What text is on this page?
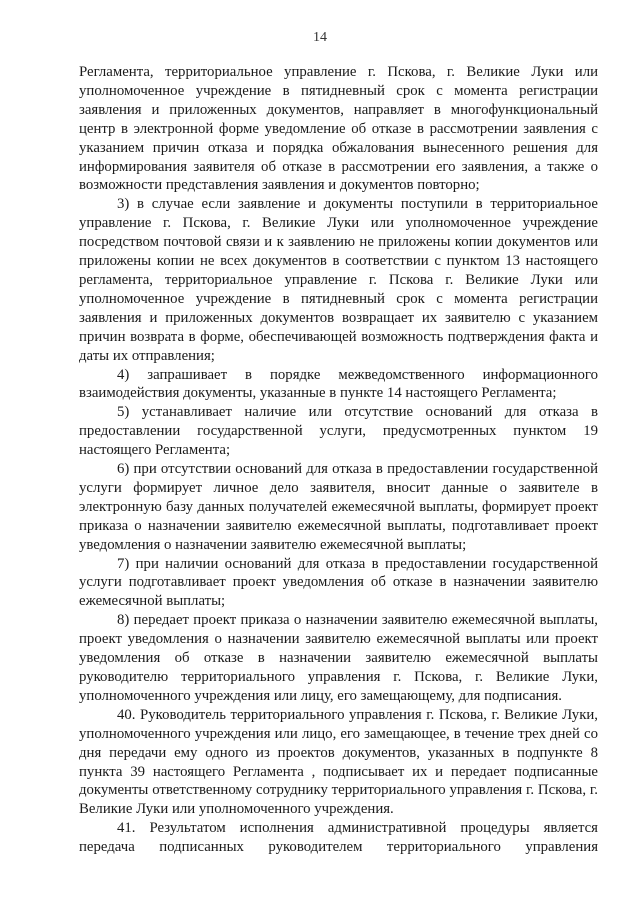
14

Регламента, территориальное управление г. Пскова, г. Великие Луки или уполномоченное учреждение в пятидневный срок с момента регистрации заявления и приложенных документов, направляет в многофункциональный центр в электронной форме уведомление об отказе в рассмотрении заявления с указанием причин отказа и порядка обжалования вынесенного решения для информирования заявителя об отказе в рассмотрении его заявления, а также о возможности представления заявления и документов повторно;

3) в случае если заявление и документы поступили в территориальное управление г. Пскова, г. Великие Луки или уполномоченное учреждение посредством почтовой связи и к заявлению не приложены копии документов или приложены копии не всех документов в соответствии с пунктом 13 настоящего регламента, территориальное управление г. Пскова г. Великие Луки или уполномоченное учреждение в пятидневный срок с момента регистрации заявления и приложенных документов возвращает их заявителю с указанием причин возврата в форме, обеспечивающей возможность подтверждения факта и даты их отправления;

4) запрашивает в порядке межведомственного информационного взаимодействия документы, указанные в пункте 14 настоящего Регламента;

5) устанавливает наличие или отсутствие оснований для отказа в предоставлении государственной услуги, предусмотренных пунктом 19 настоящего Регламента;

6) при отсутствии оснований для отказа в предоставлении государственной услуги формирует личное дело заявителя, вносит данные о заявителе в электронную базу данных получателей ежемесячной выплаты, формирует проект приказа о назначении заявителю ежемесячной выплаты, подготавливает проект уведомления о назначении заявителю ежемесячной выплаты;

7) при наличии оснований для отказа в предоставлении государственной услуги подготавливает проект уведомления об отказе в назначении заявителю ежемесячной выплаты;

8) передает проект приказа о назначении заявителю ежемесячной выплаты, проект уведомления о назначении заявителю ежемесячной выплаты или проект уведомления об отказе в назначении заявителю ежемесячной выплаты руководителю территориального управления г. Пскова, г. Великие Луки, уполномоченного учреждения или лицу, его замещающему, для подписания.

40. Руководитель территориального управления г. Пскова, г. Великие Луки, уполномоченного учреждения или лицо, его замещающее, в течение трех дней со дня передачи ему одного из проектов документов, указанных в подпункте 8 пункта 39 настоящего Регламента , подписывает их и передает подписанные документы ответственному сотруднику территориального управления г. Пскова, г. Великие Луки или уполномоченного учреждения.

41. Результатом исполнения административной процедуры является передача подписанных руководителем территориального управления
